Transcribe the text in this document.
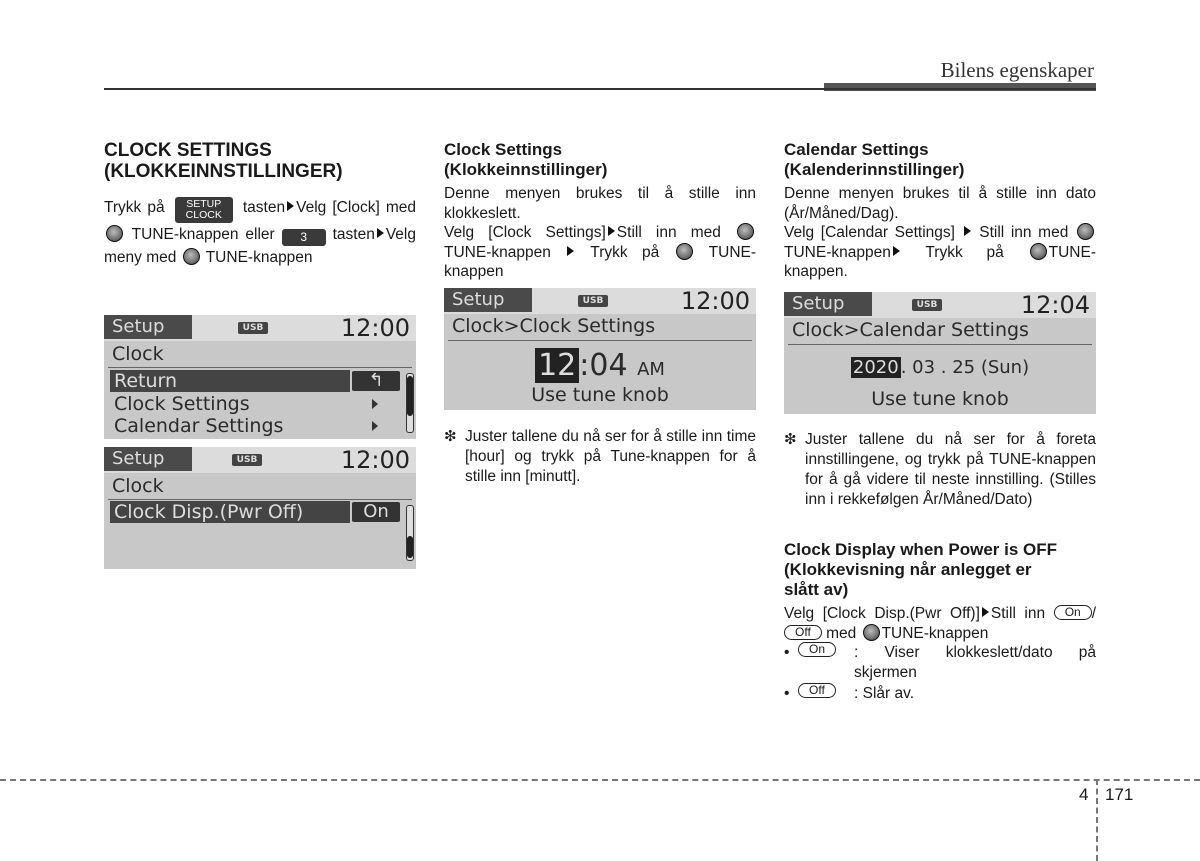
Bilens egenskaper
CLOCK SETTINGS
(KLOKKEINNSTILLINGER)

Trykk på SETUP
CLOCK tasten Velg [Clock] med  TUNE-knappen eller 3 tasten Velg meny med TUNE-knappen

Setup	USB	12:00
Clock
Return	↰
Clock Settings
Calendar Settings
Setup	USB	12:00
Clock
Clock Disp.(Pwr Off)	On
Clock Settings
(Klokkeinnstillinger)

Denne menyen brukes til å stille inn klokkeslett.

Velg [Clock Settings] Still inn med  TUNE-knappen	Trykk på	TUNE-knappen

Setup	USB	12:00
Clock>Clock Settings
12 :04 AM
Use tune knob
❇ Juster tallene du nå ser for å stille inn time [hour] og trykk på Tune-knappen for å stille inn [minutt].
Calendar Settings
(Kalenderinnstillinger)

Denne menyen brukes til å stille inn dato (År/Måned/Dag).

Velg [Calendar Settings] Still inn med TUNE-knappen Trykk på	TUNE-knappen.

Setup	USB	12:04
Clock>Calendar Settings
2020 . 03 . 25 (Sun)
Use tune knob
❇ Juster tallene du nå ser for å foreta innstillingene, og trykk på TUNE-knappen for å gå videre til neste innstilling. (Stilles inn i rekkefølgen År/Måned/Dato)
Clock Display when Power is OFF
(Klokkevisning når anlegget er
slått av)

Velg [Clock Disp.(Pwr Off)] Still inn On /Off med TUNE-knappen

•	On	: Viser klokkeslett/dato på skjermen
•	Off	: Slår av.
4 171
